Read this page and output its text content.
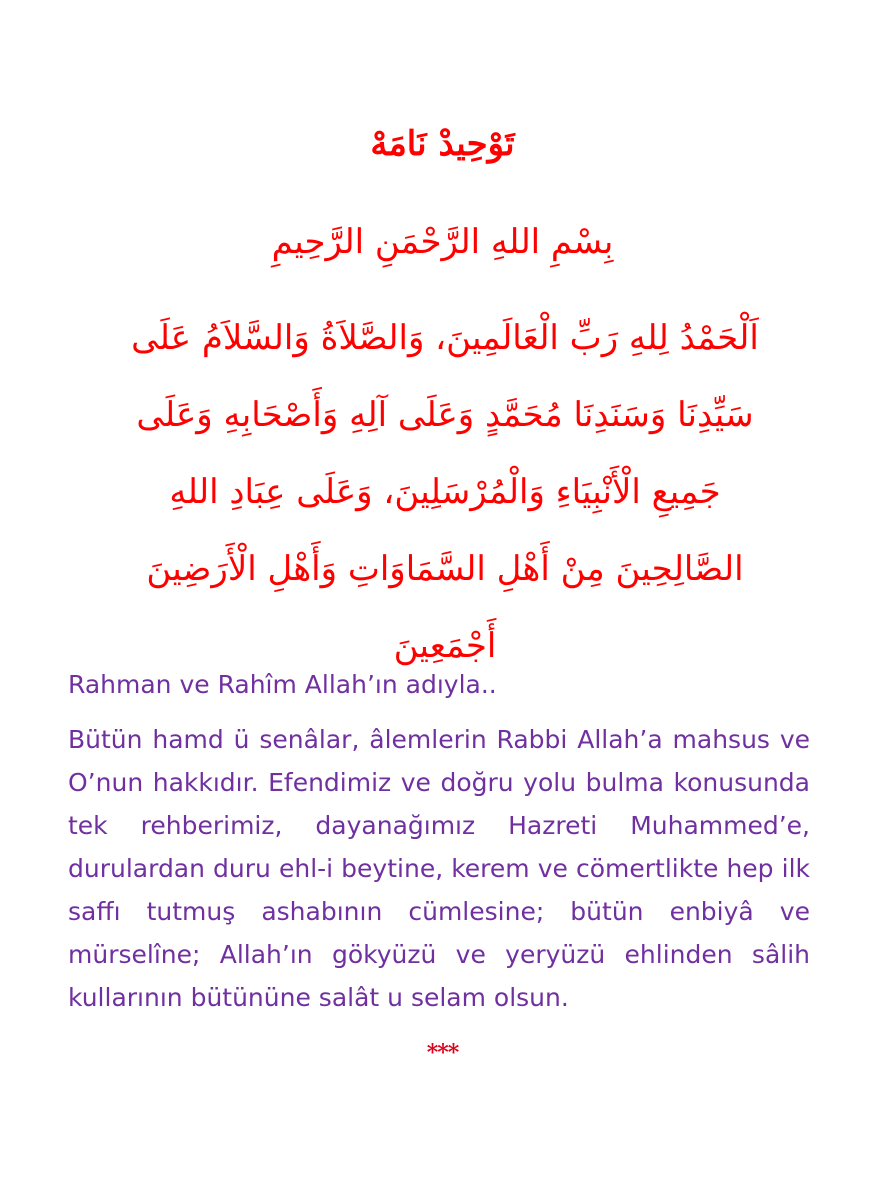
تَوْحِيدْ نَامَهْ
بِسْمِ اللهِ الرَّحْمَنِ الرَّحِيمِ
اَلْحَمْدُ لِلهِ رَبِّ الْعَالَمِينَ، وَالصَّلاَةُ وَالسَّلاَمُ عَلَى سَيِّدِنَا وَسَنَدِنَا مُحَمَّدٍ وَعَلَى آلِهِ وَأَصْحَابِهِ وَعَلَى جَمِيعِ الْأَنْبِيَاءِ وَالْمُرْسَلِينَ، وَعَلَى عِبَادِ اللهِ الصَّالِحِينَ مِنْ أَهْلِ السَّمَاوَاتِ وَأَهْلِ الْأَرَضِينَ أَجْمَعِينَ
Rahman ve Rahîm Allah’ın adıyla..
Bütün hamd ü senâlar, âlemlerin Rabbi Allah’a mahsus ve O’nun hakkıdır. Efendimiz ve doğru yolu bulma konusunda tek rehberimiz, dayanağımız Hazreti Muhammed’e, durulardan duru ehl-i beytine, kerem ve cömertlikte hep ilk saffı tutmuş ashabının cümlesine; bütün enbiyâ ve mürselîne; Allah’ın gökyüzü ve yeryüzü ehlinden sâlih kullarının bütününe salât u selam olsun.
***
